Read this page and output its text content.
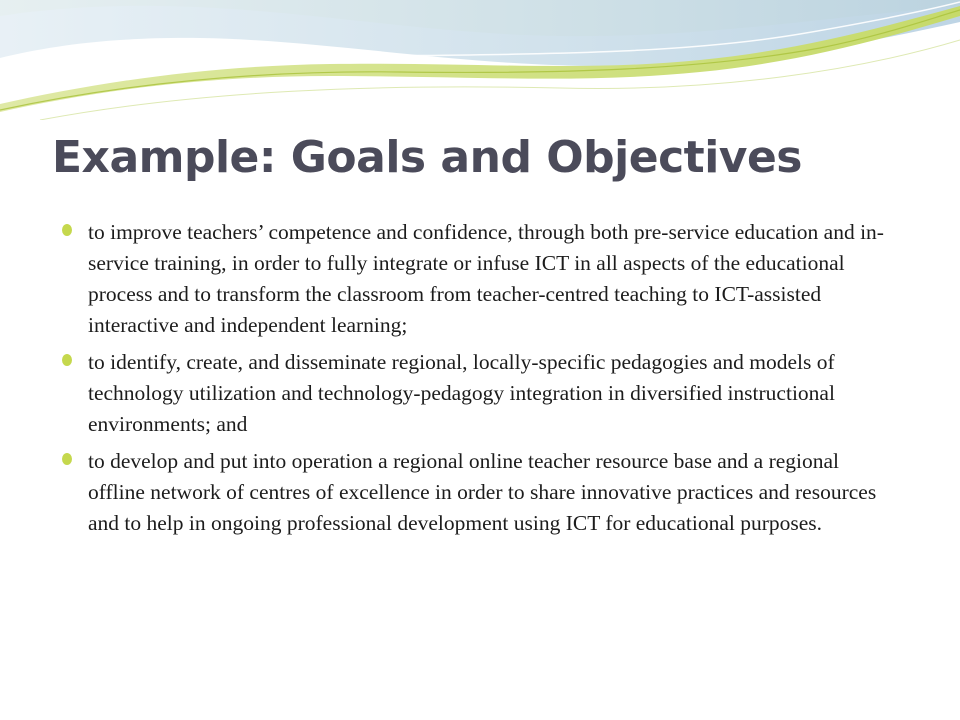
Example: Goals and Objectives
to improve teachers’ competence and confidence, through both pre-service education and in-service training, in order to fully integrate or infuse ICT in all aspects of the educational process and to transform the classroom from teacher-centred teaching to ICT-assisted interactive and independent learning;
to identify, create, and disseminate regional, locally-specific pedagogies and models of technology utilization and technology-pedagogy integration in diversified instructional environments; and
to develop and put into operation a regional online teacher resource base and a regional offline network of centres of excellence in order to share innovative practices and resources and to help in ongoing professional development using ICT for educational purposes.
